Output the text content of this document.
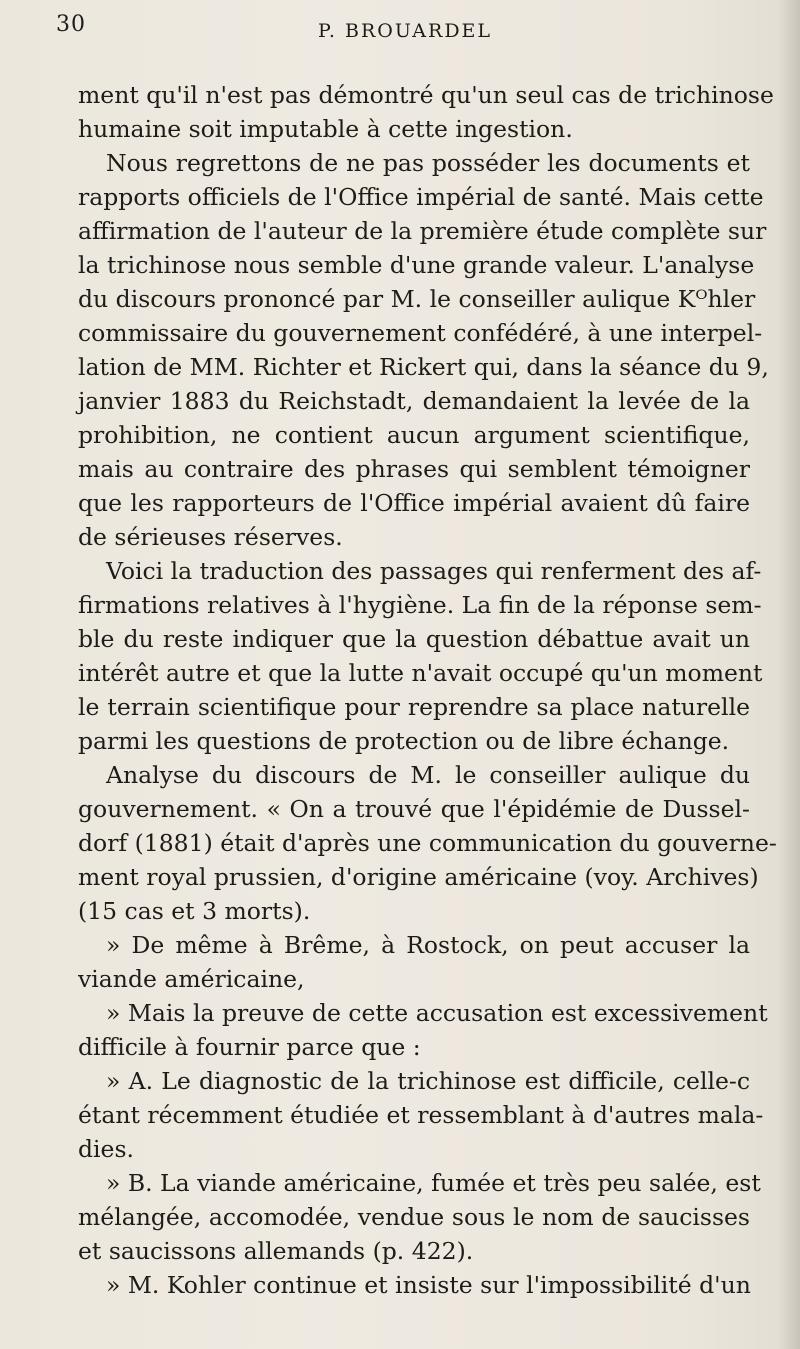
30	P. BROUARDEL
ment qu'il n'est pas démontré qu'un seul cas de trichinose
humaine soit imputable à cette ingestion.
Nous regrettons de ne pas posséder les documents et
rapports officiels de l'Office impérial de santé. Mais cette
affirmation de l'auteur de la première étude complète sur
la trichinose nous semble d'une grande valeur. L'analyse
du discours prononcé par M. le conseiller aulique Kᴼhler
commissaire du gouvernement confédéré, à une interpel-
lation de MM. Richter et Rickert qui, dans la séance du 9,
janvier 1883 du Reichstadt, demandaient la levée de la
prohibition, ne contient aucun argument scientifique,
mais au contraire des phrases qui semblent témoigner
que les rapporteurs de l'Office impérial avaient dû faire
de sérieuses réserves.
Voici la traduction des passages qui renferment des af-
firmations relatives à l'hygiène. La fin de la réponse sem-
ble du reste indiquer que la question débattue avait un
intérêt autre et que la lutte n'avait occupé qu'un moment
le terrain scientifique pour reprendre sa place naturelle
parmi les questions de protection ou de libre échange.
Analyse du discours de M. le conseiller aulique du
gouvernement. « On a trouvé que l'épidémie de Dussel-
dorf (1881) était d'après une communication du gouverne-
ment royal prussien, d'origine américaine (voy. Archives)
(15 cas et 3 morts).
» De même à Brême, à Rostock, on peut accuser la
viande américaine,
» Mais la preuve de cette accusation est excessivement
difficile à fournir parce que :
» A. Le diagnostic de la trichinose est difficile, celle-c
étant récemment étudiée et ressemblant à d'autres mala-
dies.
» B. La viande américaine, fumée et très peu salée, est
mélangée, accomodée, vendue sous le nom de saucisses
et saucissons allemands (p. 422).
» M. Kohler continue et insiste sur l'impossibilité d'un
